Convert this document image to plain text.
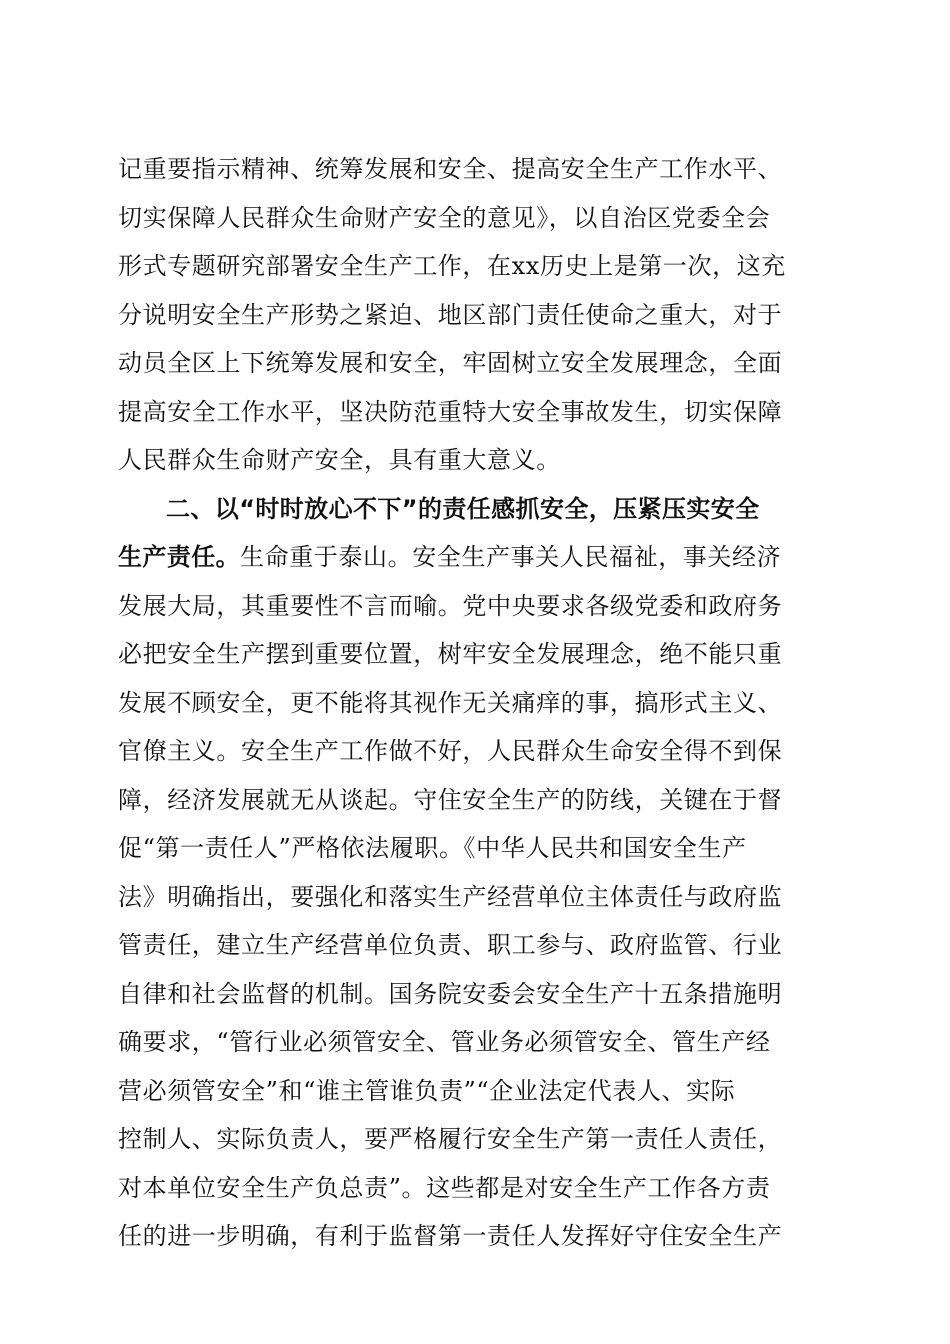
记重要指示精神、统筹发展和安全、提高安全生产工作水平、
切实保障人民群众生命财产安全的意见》，以自治区党委全会
形式专题研究部署安全生产工作，在xx历史上是第一次，这充
分说明安全生产形势之紧迫、地区部门责任使命之重大，对于
动员全区上下统筹发展和安全，牢固树立安全发展理念，全面
提高安全工作水平，坚决防范重特大安全事故发生，切实保障
人民群众生命财产安全，具有重大意义。
二、以“时时放心不下”的责任感抓安全，压紧压实安全
生产责任。生命重于泰山。安全生产事关人民福祉，事关经济
发展大局，其重要性不言而喻。党中央要求各级党委和政府务
必把安全生产摆到重要位置，树牢安全发展理念，绝不能只重
发展不顾安全，更不能将其视作无关痛痒的事，搞形式主义、
官僚主义。安全生产工作做不好，人民群众生命安全得不到保
障，经济发展就无从谈起。守住安全生产的防线，关键在于督
促“第一责任人”严格依法履职。《中华人民共和国安全生产
法》明确指出，要强化和落实生产经营单位主体责任与政府监
管责任，建立生产经营单位负责、职工参与、政府监管、行业
自律和社会监督的机制。国务院安委会安全生产十五条措施明
确要求，“管行业必须管安全、管业务必须管安全、管生产经
营必须管安全”和“谁主管谁负责”“企业法定代表人、实际
控制人、实际负责人，要严格履行安全生产第一责任人责任，
对本单位安全生产负总责”。这些都是对安全生产工作各方责
任的进一步明确，有利于监督第一责任人发挥好守住安全生产
